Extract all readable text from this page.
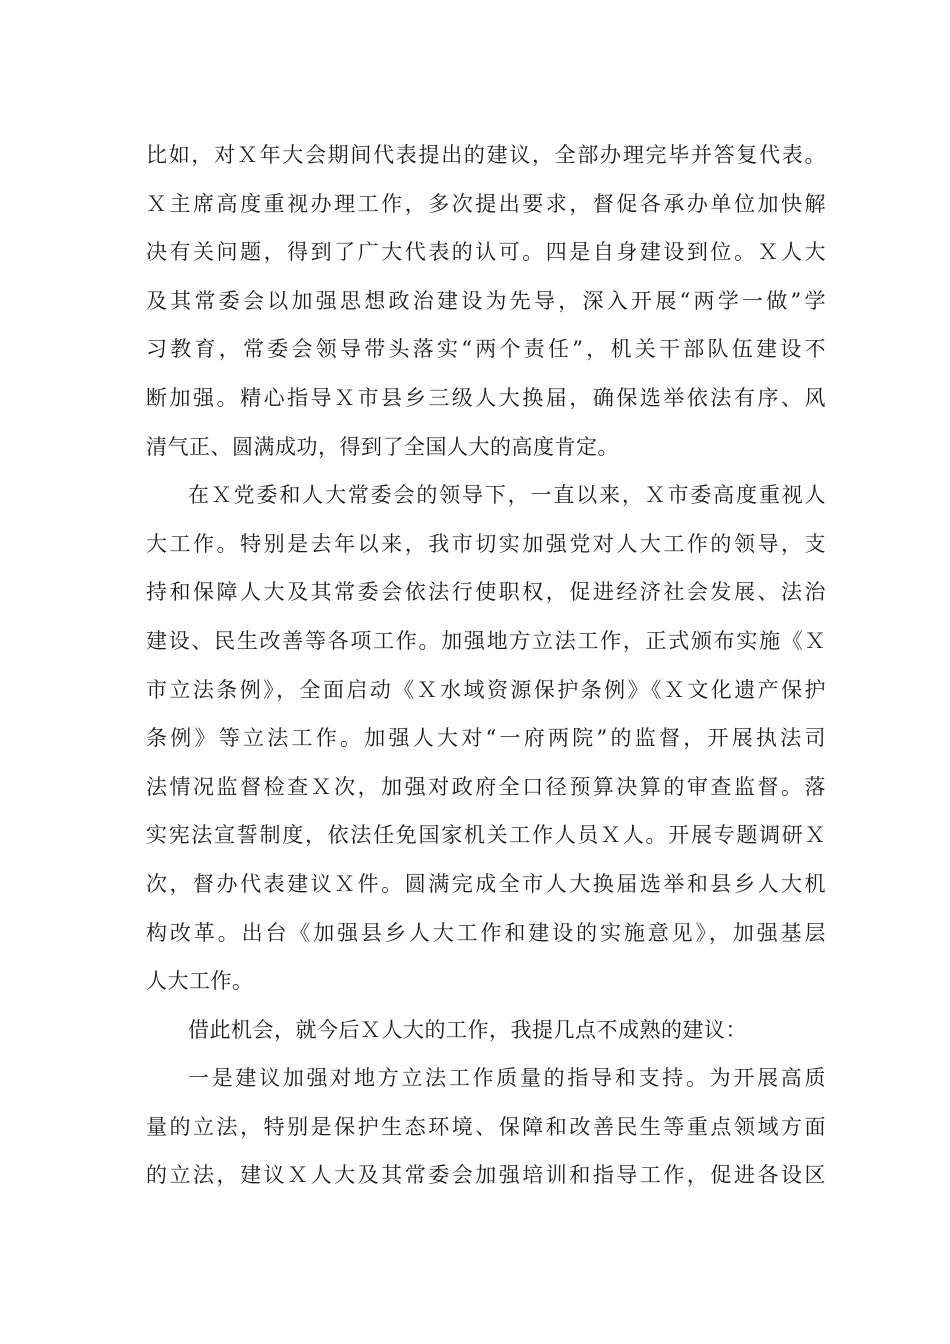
比如，对Ｘ年大会期间代表提出的建议，全部办理完毕并答复代表。
Ｘ主席高度重视办理工作，多次提出要求，督促各承办单位加快解
决有关问题，得到了广大代表的认可。四是自身建设到位。Ｘ人大
及其常委会以加强思想政治建设为先导，深入开展“两学一做”学
习教育，常委会领导带头落实“两个责任”，机关干部队伍建设不
断加强。精心指导Ｘ市县乡三级人大换届，确保选举依法有序、风
清气正、圆满成功，得到了全国人大的高度肯定。
在Ｘ党委和人大常委会的领导下，一直以来，Ｘ市委高度重视人
大工作。特别是去年以来，我市切实加强党对人大工作的领导，支
持和保障人大及其常委会依法行使职权，促进经济社会发展、法治
建设、民生改善等各项工作。加强地方立法工作，正式颁布实施《Ｘ
市立法条例》，全面启动《Ｘ水域资源保护条例》《Ｘ文化遗产保护
条例》等立法工作。加强人大对“一府两院”的监督，开展执法司
法情况监督检查Ｘ次，加强对政府全口径预算决算的审查监督。落
实宪法宣誓制度，依法任免国家机关工作人员Ｘ人。开展专题调研Ｘ
次，督办代表建议Ｘ件。圆满完成全市人大换届选举和县乡人大机
构改革。出台《加强县乡人大工作和建设的实施意见》，加强基层
人大工作。
借此机会，就今后Ｘ人大的工作，我提几点不成熟的建议：
一是建议加强对地方立法工作质量的指导和支持。为开展高质
量的立法，特别是保护生态环境、保障和改善民生等重点领域方面
的立法，建议Ｘ人大及其常委会加强培训和指导工作，促进各设区
